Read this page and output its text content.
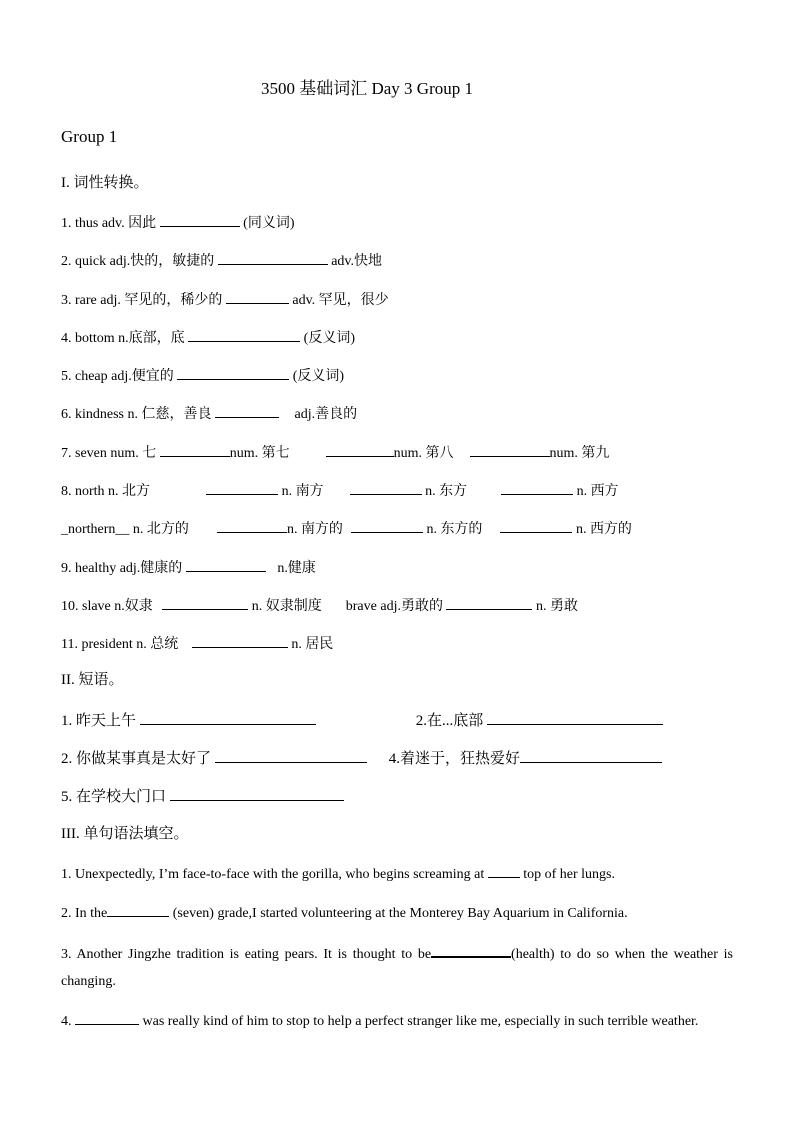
3500 基础词汇 Day 3 Group 1
Group 1
I. 词性转换。
1. thus adv. 因此	(同义词)
2. quick adj.快的，敏捷的	adv.快地
3. rare adj. 罕见的，稀少的	adv. 罕见，很少
4. bottom n.底部，底	(反义词)
5. cheap adj.便宜的	(反义词)
6. kindness n. 仁慈，善良	adj.善良的
7. seven num. 七	num. 第七	num. 第八	num. 第九
8. north n. 北方	n. 南方	n. 东方	n. 西方
_northern__ n. 北方的	n. 南方的	n. 东方的	n. 西方的
9. healthy adj.健康的	n.健康
10. slave n.奴隶	n. 奴隶制度 brave adj.勇敢的	n. 勇敢
11. president n. 总统	n. 居民
II. 短语。
1. 昨天上午	2.在...底部
2. 你做某事真是太好了	4.着迷于，狂热爱好
5. 在学校大门口
III. 单句语法填空。
1. Unexpectedly, I’m face-to-face with the gorilla, who begins screaming at  top of her lungs.
2. In the	(seven) grade,I started volunteering at the Monterey Bay Aquarium in California.
3. Another Jingzhe tradition is eating pears. It is thought to be	(health) to do so when the weather is changing.
4.	was really kind of him to stop to help a perfect stranger like me, especially in such terrible weather.
